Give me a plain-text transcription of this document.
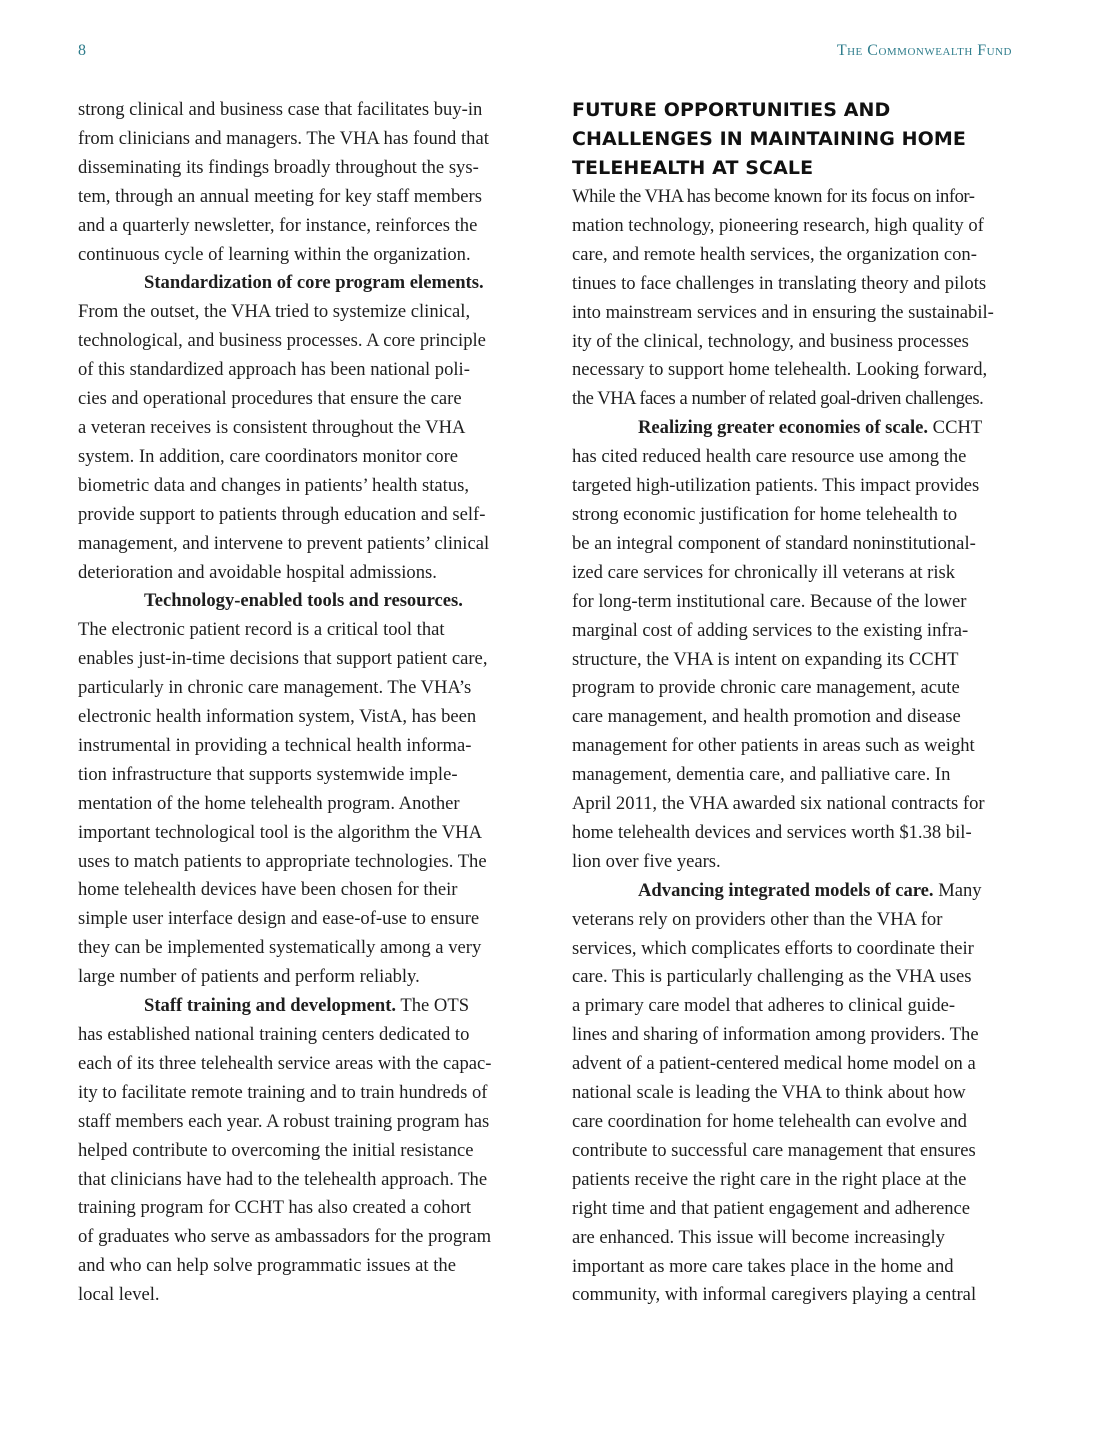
8	The Commonwealth Fund
strong clinical and business case that facilitates buy-in
from clinicians and managers. The VHA has found that
disseminating its findings broadly throughout the sys-
tem, through an annual meeting for key staff members
and a quarterly newsletter, for instance, reinforces the
continuous cycle of learning within the organization.
Standardization of core program elements.
From the outset, the VHA tried to systemize clinical,
technological, and business processes. A core principle
of this standardized approach has been national poli-
cies and operational procedures that ensure the care
a veteran receives is consistent throughout the VHA
system. In addition, care coordinators monitor core
biometric data and changes in patients’ health status,
provide support to patients through education and self-
management, and intervene to prevent patients’ clinical
deterioration and avoidable hospital admissions.
Technology-enabled tools and resources.
The electronic patient record is a critical tool that
enables just-in-time decisions that support patient care,
particularly in chronic care management. The VHA’s
electronic health information system, VistA, has been
instrumental in providing a technical health informa-
tion infrastructure that supports systemwide imple-
mentation of the home telehealth program. Another
important technological tool is the algorithm the VHA
uses to match patients to appropriate technologies. The
home telehealth devices have been chosen for their
simple user interface design and ease-of-use to ensure
they can be implemented systematically among a very
large number of patients and perform reliably.
Staff training and development. The OTS
has established national training centers dedicated to
each of its three telehealth service areas with the capac-
ity to facilitate remote training and to train hundreds of
staff members each year. A robust training program has
helped contribute to overcoming the initial resistance
that clinicians have had to the telehealth approach. The
training program for CCHT has also created a cohort
of graduates who serve as ambassadors for the program
and who can help solve programmatic issues at the
local level.
FUTURE OPPORTUNITIES AND
CHALLENGES IN MAINTAINING HOME
TELEHEALTH AT SCALE
While the VHA has become known for its focus on infor-
mation technology, pioneering research, high quality of
care, and remote health services, the organization con-
tinues to face challenges in translating theory and pilots
into mainstream services and in ensuring the sustainabil-
ity of the clinical, technology, and business processes
necessary to support home telehealth. Looking forward,
the VHA faces a number of related goal-driven challenges.
Realizing greater economies of scale. CCHT
has cited reduced health care resource use among the
targeted high-utilization patients. This impact provides
strong economic justification for home telehealth to
be an integral component of standard noninstitutional-
ized care services for chronically ill veterans at risk
for long-term institutional care. Because of the lower
marginal cost of adding services to the existing infra-
structure, the VHA is intent on expanding its CCHT
program to provide chronic care management, acute
care management, and health promotion and disease
management for other patients in areas such as weight
management, dementia care, and palliative care. In
April 2011, the VHA awarded six national contracts for
home telehealth devices and services worth $1.38 bil-
lion over five years.
Advancing integrated models of care. Many
veterans rely on providers other than the VHA for
services, which complicates efforts to coordinate their
care. This is particularly challenging as the VHA uses
a primary care model that adheres to clinical guide-
lines and sharing of information among providers. The
advent of a patient-centered medical home model on a
national scale is leading the VHA to think about how
care coordination for home telehealth can evolve and
contribute to successful care management that ensures
patients receive the right care in the right place at the
right time and that patient engagement and adherence
are enhanced. This issue will become increasingly
important as more care takes place in the home and
community, with informal caregivers playing a central
